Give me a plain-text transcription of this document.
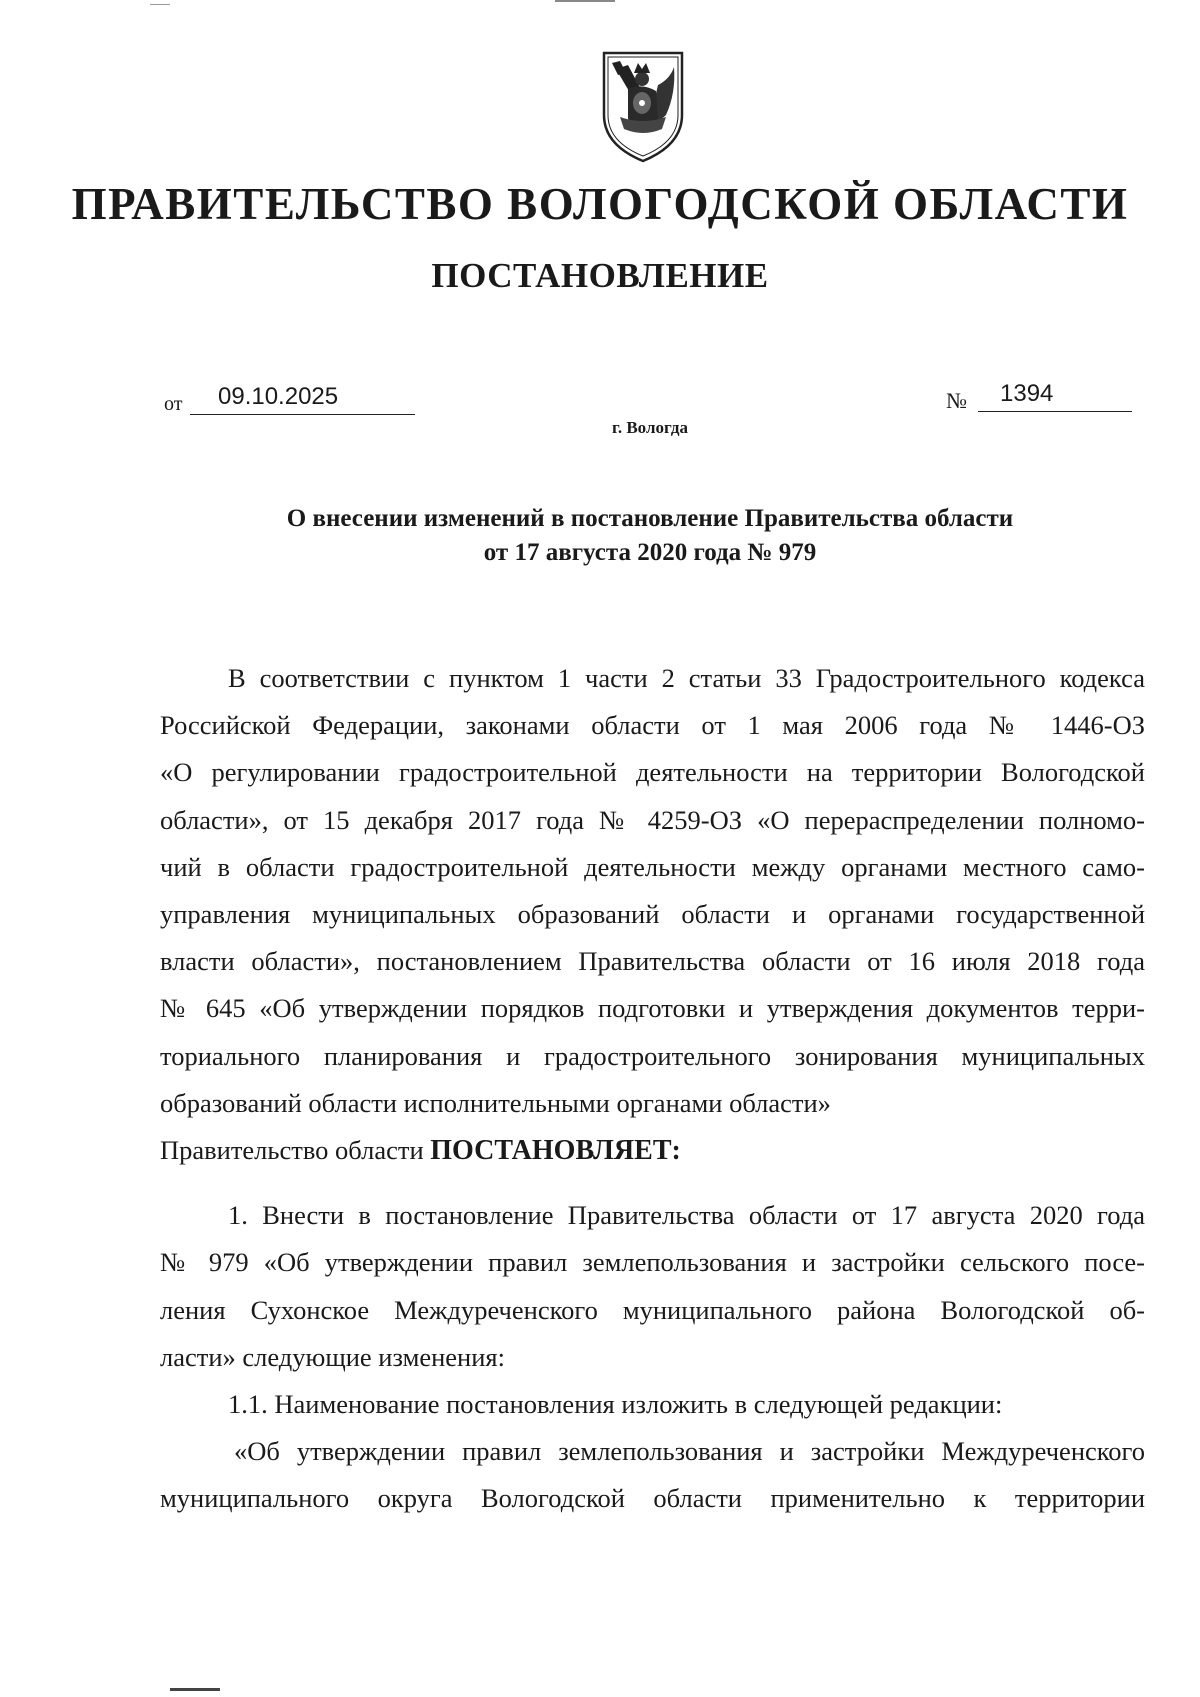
ПРАВИТЕЛЬСТВО ВОЛОГОДСКОЙ ОБЛАСТИ
ПОСТАНОВЛЕНИЕ
от	09.10.2025	№	1394
г. Вологда
О внесении изменений в постановление Правительства области
от 17 августа 2020 года № 979
В соответствии с пунктом 1 части 2 статьи 33 Градостроительного кодекса
Российской Федерации, законами области от 1 мая 2006 года № 1446-ОЗ
«О регулировании градостроительной деятельности на территории Вологодской
области», от 15 декабря 2017 года № 4259-ОЗ «О перераспределении полномо-
чий в области градостроительной деятельности между органами местного само-
управления муниципальных образований области и органами государственной
власти области», постановлением Правительства области от 16 июля 2018 года
№ 645 «Об утверждении порядков подготовки и утверждения документов терри-
ториального планирования и градостроительного зонирования муниципальных
образований области исполнительными органами области»
Правительство области ПОСТАНОВЛЯЕТ:
1. Внести в постановление Правительства области от 17 августа 2020 года
№ 979 «Об утверждении правил землепользования и застройки сельского посе-
ления Сухонское Междуреченского муниципального района Вологодской об-
ласти» следующие изменения:
1.1. Наименование постановления изложить в следующей редакции:
«Об утверждении правил землепользования и застройки Междуреченского
муниципального округа Вологодской области применительно к территории
